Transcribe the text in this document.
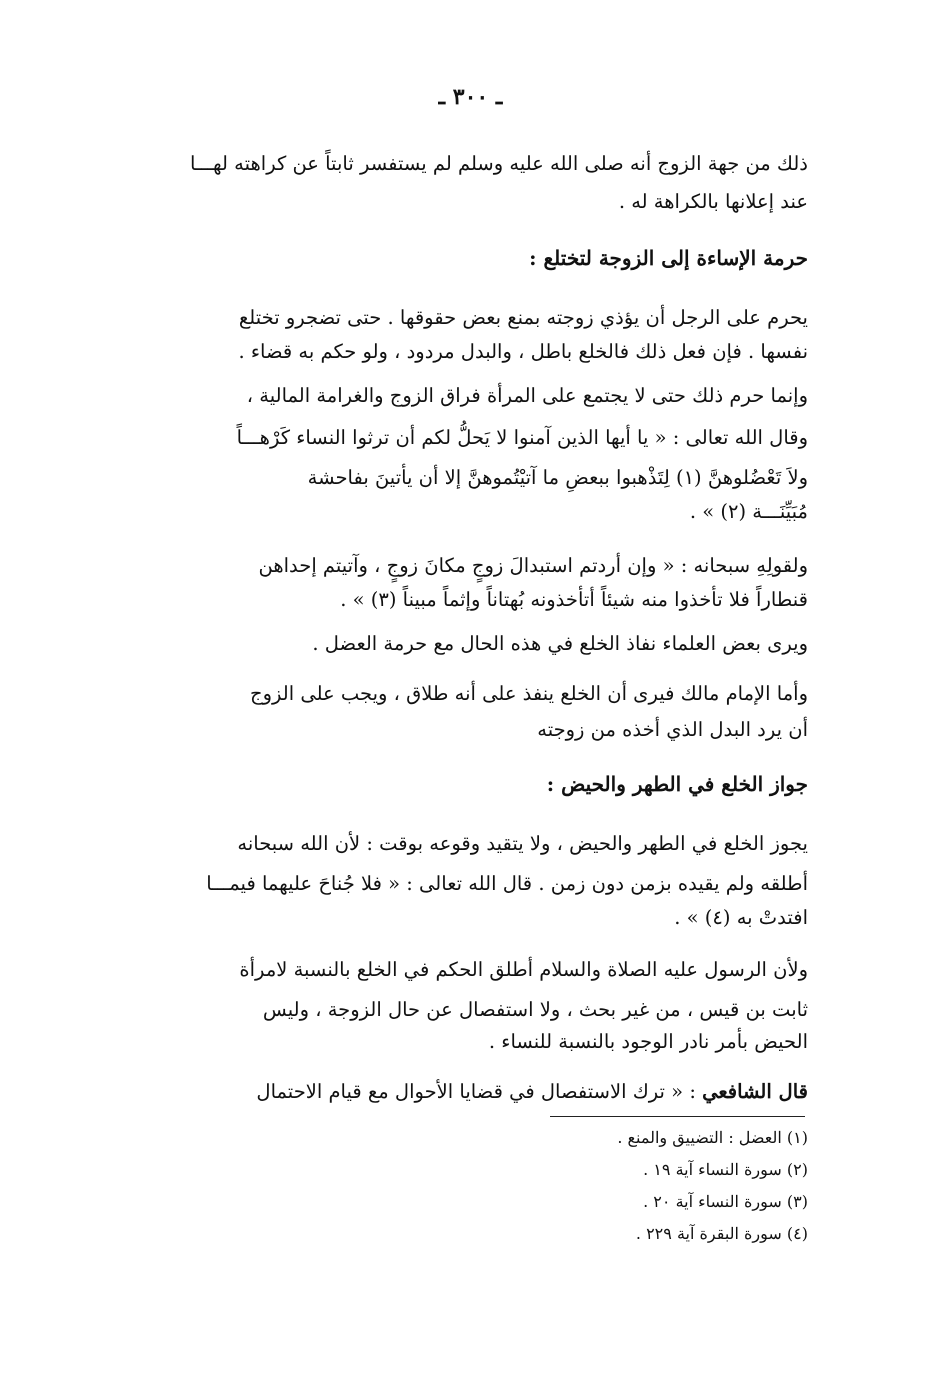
ـ ٣٠٠ ـ
ذلك من جهة الزوج أنه صلى الله عليه وسلم لم يستفسر ثابتاً عن كراهته لهـــا
عند إعلانها بالكراهة له .
حرمة الإساءة إلى الزوجة لتختلع :
يحرم على الرجل أن يؤذي زوجته بمنع بعض حقوقها . حتى تضجرو تختلع
نفسها . فإن فعل ذلك فالخلع باطل ، والبدل مردود ، ولو حكم به قضاء .
وإنما حرم ذلك حتى لا يجتمع على المرأة فراق الزوج والغرامة المالية ،
وقال الله تعالى : « يا أيها الذين آمنوا لا يَحلُّ لكم أن ترثوا النساء كَرْهـــاً
ولاَ تَعْضُلوهنَّ (١) لِتَذْهبوا ببعضِ ما آتيْتُموهنَّ إلا أن يأتينَ بفاحشة
مُبَيِّنَـــة (٢) » .
ولقولِهِ سبحانه : « وإن أردتم استبدالَ زوجٍ مكانَ زوجٍ ، وآتيتم إحداهن
قنطاراً فلا تأخذوا منه شيئاً أتأخذونه بُهتاناً وإثماً مبيناً (٣) » .
ويرى بعض العلماء نفاذ الخلع في هذه الحال مع حرمة العضل .
وأما الإمام مالك فيرى أن الخلع ينفذ على أنه طلاق ، ويجب على الزوج
أن يرد البدل الذي أخذه من زوجته
جواز الخلع في الطهر والحيض :
يجوز الخلع في الطهر والحيض ، ولا يتقيد وقوعه بوقت : لأن الله سبحانه
أطلقه ولم يقيده بزمن دون زمن . قال الله تعالى : « فلا جُناحَ عليهما فيمـــا
افتدتْ به (٤) » .
ولأن الرسول عليه الصلاة والسلام أطلق الحكم في الخلع بالنسبة لامرأة
ثابت بن قيس ، من غير بحث ، ولا استفصال عن حال الزوجة ، وليس
الحيض بأمر نادر الوجود بالنسبة للنساء .
قال الشافعي : « ترك الاستفصال في قضايا الأحوال مع قيام الاحتمال
(١) العضل : التضييق والمنع .
(٢) سورة النساء آية ١٩ .
(٣) سورة النساء آية ٢٠ .
(٤) سورة البقرة آية ٢٢٩ .
